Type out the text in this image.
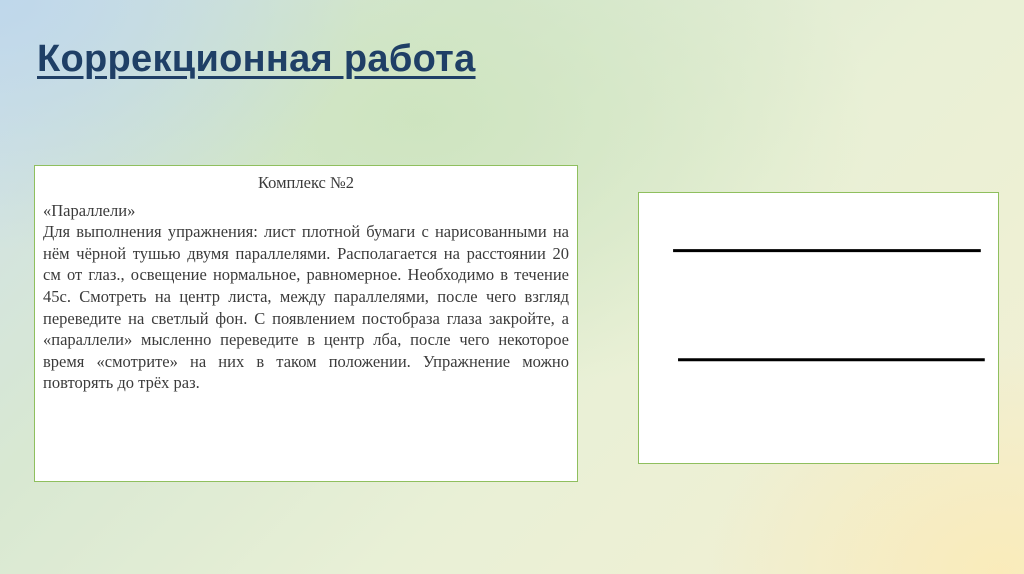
Коррекционная работа
Комплекс №2
«Параллели»
Для выполнения упражнения: лист плотной бумаги с нарисованными на нём чёрной тушью двумя параллелями. Располагается на расстоянии 20 см от глаз., освещение нормальное, равномерное. Необходимо в течение 45с. Смотреть на центр листа, между параллелями, после чего взгляд переведите на светлый фон. С появлением постобраза глаза закройте, а «параллели» мысленно переведите в центр лба, после чего некоторое время «смотрите» на них в таком положении. Упражнение можно повторять до трёх раз.
